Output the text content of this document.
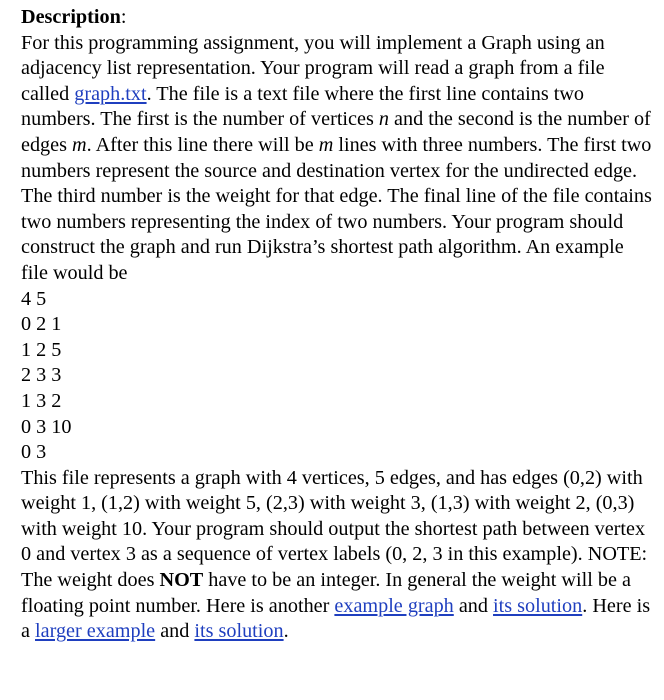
Description:

For this programming assignment, you will implement a Graph using an adjacency list representation. Your program will read a graph from a file called graph.txt. The file is a text file where the first line contains two numbers. The first is the number of vertices n and the second is the number of edges m. After this line there will be m lines with three numbers. The first two numbers represent the source and destination vertex for the undirected edge. The third number is the weight for that edge. The final line of the file contains two numbers representing the index of two numbers. Your program should construct the graph and run Dijkstra’s shortest path algorithm. An example file would be

4 5
0 2 1
1 2 5
2 3 3
1 3 2
0 3 10
0 3

This file represents a graph with 4 vertices, 5 edges, and has edges (0,2) with weight 1, (1,2) with weight 5, (2,3) with weight 3, (1,3) with weight 2, (0,3) with weight 10. Your program should output the shortest path between vertex 0 and vertex 3 as a sequence of vertex labels (0, 2, 3 in this example). NOTE: The weight does NOT have to be an integer. In general the weight will be a floating point number. Here is another example graph and its solution. Here is a larger example and its solution.
